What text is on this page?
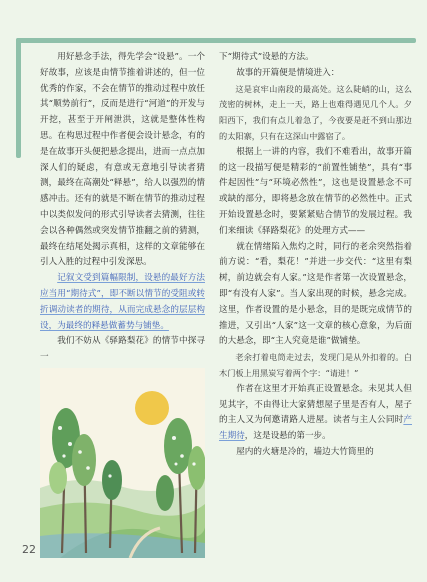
用好悬念手法，得先学会“设悬”。一个好故事，应该是由情节推着讲述的，但一位优秀的作家，不会在情节的推动过程中放任其“顺势前行”，反而是进行“河道”的开发与开挖，甚至于开闸泄洪，这就是整体性构思。在构思过程中作者便会设计悬念，有的是在故事开头便把悬念提出，进而一点点加深人们的疑虑，有意或无意地引导读者猜测，最终在高潮处“释悬”，给人以强烈的情感冲击。还有的就是不断在情节的推动过程中以类似发问的形式引导读者去猜测，往往会以各种偶然或突发情节推翻之前的猜测，最终在结尾处揭示真相，这样的文章能够在引人入胜的过程中引发深思。

记叙文受到篇幅限制，设悬的最好方法应当用“期待式”，即不断以情节的受阻或转折调动读者的期待，从而完成悬念的层层构设，为最终的释悬做蓄势与铺垫。

我们不妨从《驿路梨花》的情节中探寻一

下“期待式”设悬的方法。

故事的开篇便是情境进入：

这是哀牢山南段的最高处。这么陡峭的山，这么茂密的树林，走上一天，路上也难得遇见几个人。夕阳西下，我们有点儿着急了，今夜要是赶不到山那边的太阳寨，只有在这深山中露宿了。

根据上一讲的内容，我们不难看出，故事开篇的这一段描写便是精彩的“前置性铺垫”，具有“事件起因性”与“环境必然性”，这也是设置悬念不可或缺的部分，即将悬念放在情节的必然性中。正式开始设置悬念时，要紧紧贴合情节的发展过程。我们来细读《驿路梨花》的处理方式——

就在情绪陷入焦灼之时，同行的老余突然指着前方说：“看，梨花！”并进一步交代：“这里有梨树，前边就会有人家。”这是作者第一次设置悬念，即“有没有人家”。当人家出现的时候，悬念完成。这里，作者设置的是小悬念，目的是既完成情节的推进，又引出“人家”这一文章的核心意象，为后面的大悬念，即“主人究竟是谁”做铺垫。

老余打着电筒走过去，发现门是从外扣着的。白木门板上用黑炭写着两个字：“请进！”

作者在这里才开始真正设置悬念。未见其人但见其字，不由得让大家猜想屋子里是否有人，屋子的主人又为何邀请路人进屋。读者与主人公同时产生期待，这是设悬的第一步。

屋内的火塘是冷的，墙边大竹筒里的

22
